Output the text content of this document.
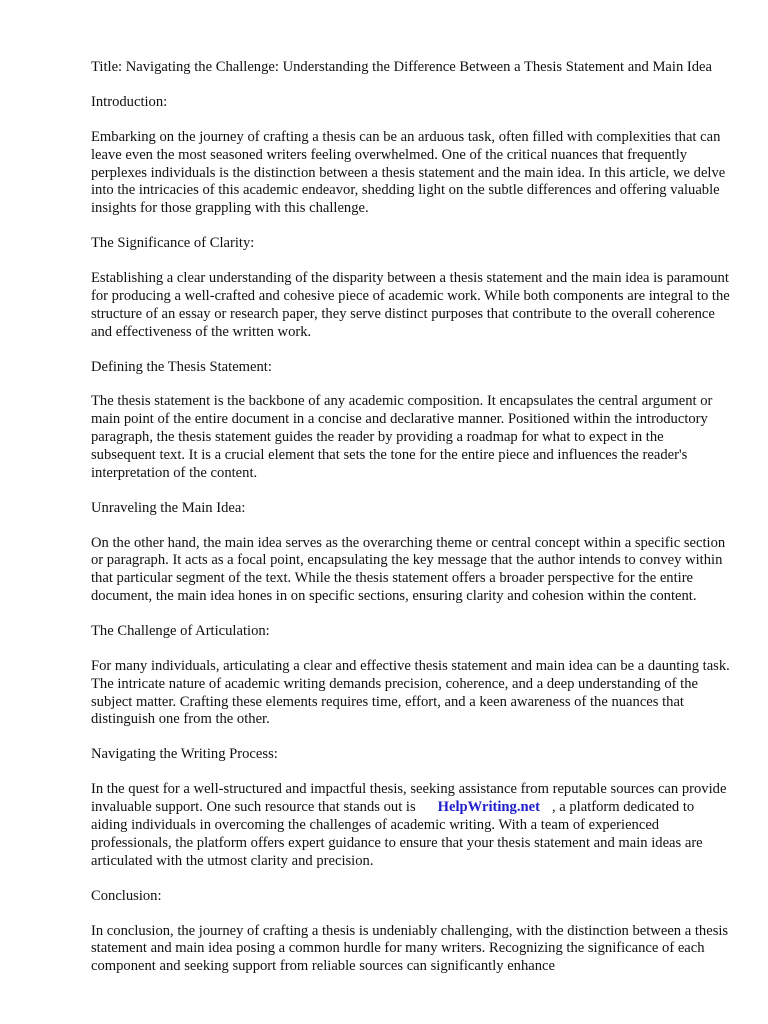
Title: Navigating the Challenge: Understanding the Difference Between a Thesis Statement and Main Idea

Introduction:

Embarking on the journey of crafting a thesis can be an arduous task, often filled with complexities that can leave even the most seasoned writers feeling overwhelmed. One of the critical nuances that frequently perplexes individuals is the distinction between a thesis statement and the main idea. In this article, we delve into the intricacies of this academic endeavor, shedding light on the subtle differences and offering valuable insights for those grappling with this challenge.

The Significance of Clarity:

Establishing a clear understanding of the disparity between a thesis statement and the main idea is paramount for producing a well-crafted and cohesive piece of academic work. While both components are integral to the structure of an essay or research paper, they serve distinct purposes that contribute to the overall coherence and effectiveness of the written work.

Defining the Thesis Statement:

The thesis statement is the backbone of any academic composition. It encapsulates the central argument or main point of the entire document in a concise and declarative manner. Positioned within the introductory paragraph, the thesis statement guides the reader by providing a roadmap for what to expect in the subsequent text. It is a crucial element that sets the tone for the entire piece and influences the reader's interpretation of the content.

Unraveling the Main Idea:

On the other hand, the main idea serves as the overarching theme or central concept within a specific section or paragraph. It acts as a focal point, encapsulating the key message that the author intends to convey within that particular segment of the text. While the thesis statement offers a broader perspective for the entire document, the main idea hones in on specific sections, ensuring clarity and cohesion within the content.

The Challenge of Articulation:

For many individuals, articulating a clear and effective thesis statement and main idea can be a daunting task. The intricate nature of academic writing demands precision, coherence, and a deep understanding of the subject matter. Crafting these elements requires time, effort, and a keen awareness of the nuances that distinguish one from the other.

Navigating the Writing Process:

In the quest for a well-structured and impactful thesis, seeking assistance from reputable sources can provide invaluable support. One such resource that stands out is HelpWriting.net , a platform dedicated to aiding individuals in overcoming the challenges of academic writing. With a team of experienced professionals, the platform offers expert guidance to ensure that your thesis statement and main ideas are articulated with the utmost clarity and precision.

Conclusion:

In conclusion, the journey of crafting a thesis is undeniably challenging, with the distinction between a thesis statement and main idea posing a common hurdle for many writers. Recognizing the significance of each component and seeking support from reliable sources can significantly enhance
